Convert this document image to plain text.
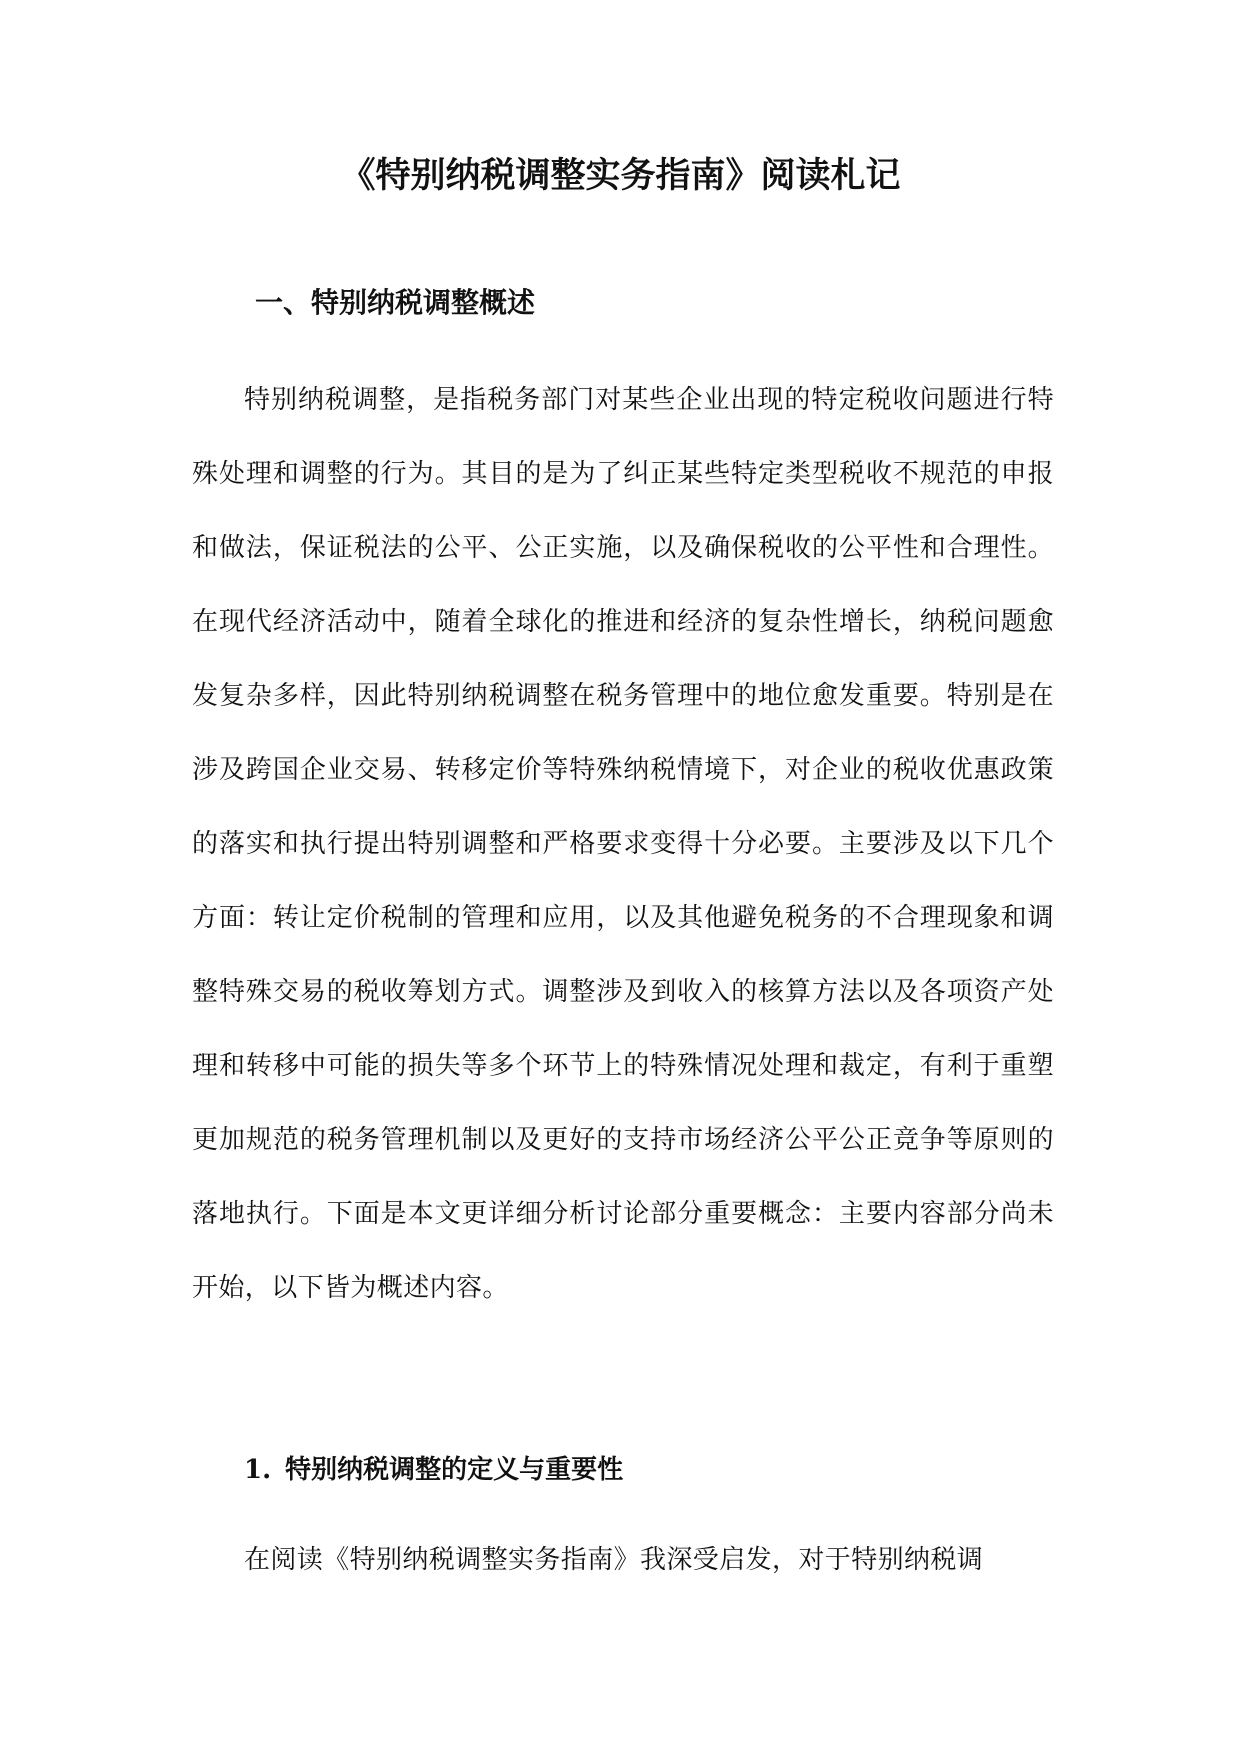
《特别纳税调整实务指南》阅读札记
一、特别纳税调整概述

特别纳税调整，是指税务部门对某些企业出现的特定税收问题进行特殊处理和调整的行为。其目的是为了纠正某些特定类型税收不规范的申报和做法，保证税法的公平、公正实施，以及确保税收的公平性和合理性。在现代经济活动中，随着全球化的推进和经济的复杂性增长，纳税问题愈发复杂多样，因此特别纳税调整在税务管理中的地位愈发重要。特别是在涉及跨国企业交易、转移定价等特殊纳税情境下，对企业的税收优惠政策的落实和执行提出特别调整和严格要求变得十分必要。主要涉及以下几个方面：转让定价税制的管理和应用，以及其他避免税务的不合理现象和调整特殊交易的税收筹划方式。调整涉及到收入的核算方法以及各项资产处理和转移中可能的损失等多个环节上的特殊情况处理和裁定，有利于重塑更加规范的税务管理机制以及更好的支持市场经济公平公正竞争等原则的落地执行。下面是本文更详细分析讨论部分重要概念：主要内容部分尚未开始，以下皆为概述内容。

1. 特别纳税调整的定义与重要性

在阅读《特别纳税调整实务指南》我深受启发，对于特别纳税调
